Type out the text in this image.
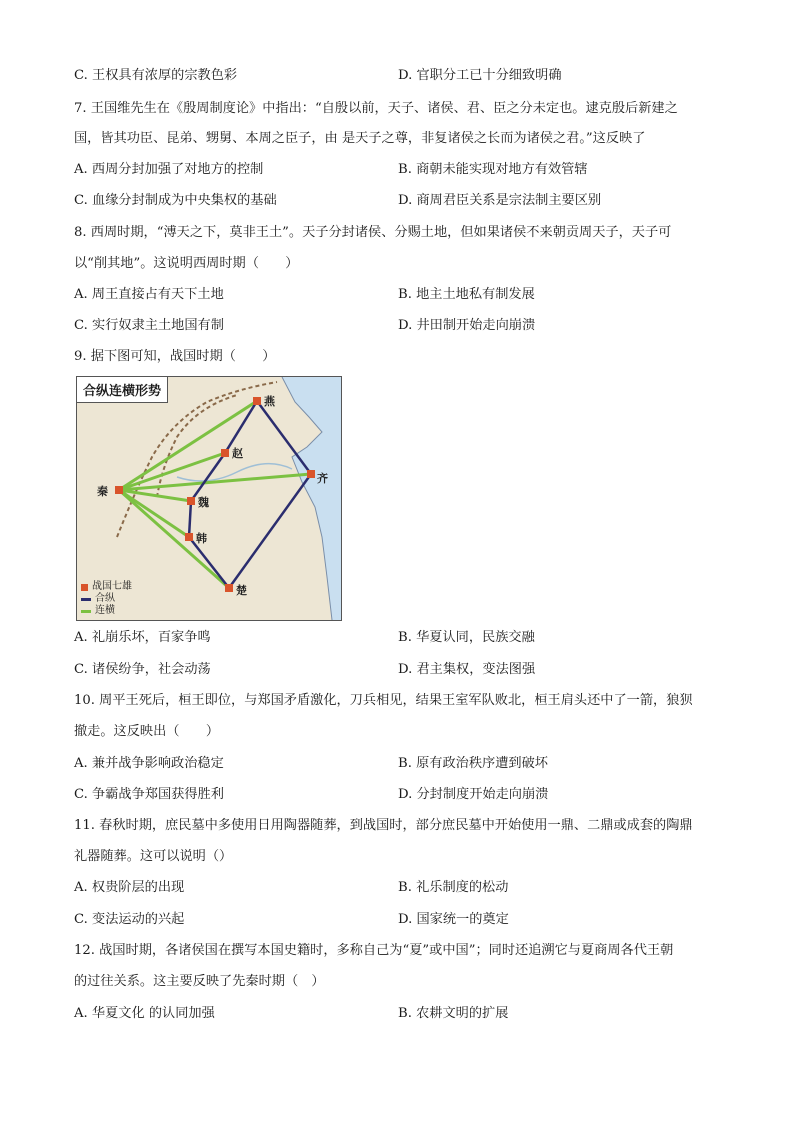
C. 王权具有浓厚的宗教色彩	D. 官职分工已十分细致明确
7. 王国维先生在《殷周制度论》中指出：“自殷以前，天子、诸侯、君、臣之分未定也。逮克殷后新建之
国，皆其功臣、昆弟、甥舅、本周之臣子，由 是天子之尊，非复诸侯之长而为诸侯之君。”这反映了
A. 西周分封加强了对地方的控制	B. 商朝未能实现对地方有效管辖
C. 血缘分封制成为中央集权的基础	D. 商周君臣关系是宗法制主要区别
8. 西周时期，“溥天之下，莫非王土”。天子分封诸侯、分赐土地，但如果诸侯不来朝贡周天子，天子可
以“削其地”。这说明西周时期（　　）
A. 周王直接占有天下土地	B. 地主土地私有制发展
C. 实行奴隶主土地国有制	D. 井田制开始走向崩溃
9. 据下图可知，战国时期（　　）
合纵连横形势
燕
赵
齐
秦
魏
韩
楚
战国七雄
合纵
连横
A. 礼崩乐坏，百家争鸣	B. 华夏认同，民族交融
C. 诸侯纷争，社会动荡	D. 君主集权，变法图强
10. 周平王死后，桓王即位，与郑国矛盾激化，刀兵相见，结果王室军队败北，桓王肩头还中了一箭，狼狈
撤走。这反映出（　　）
A. 兼并战争影响政治稳定	B. 原有政治秩序遭到破坏
C. 争霸战争郑国获得胜利	D. 分封制度开始走向崩溃
11. 春秋时期，庶民墓中多使用日用陶器随葬，到战国时，部分庶民墓中开始使用一鼎、二鼎或成套的陶鼎
礼器随葬。这可以说明（）
A. 权贵阶层的出现	B. 礼乐制度的松动
C. 变法运动的兴起	D. 国家统一的奠定
12. 战国时期，各诸侯国在撰写本国史籍时，多称自己为“夏”或中国”；同时还追溯它与夏商周各代王朝
的过往关系。这主要反映了先秦时期（　）
A. 华夏文化 的认同加强	B. 农耕文明的扩展
